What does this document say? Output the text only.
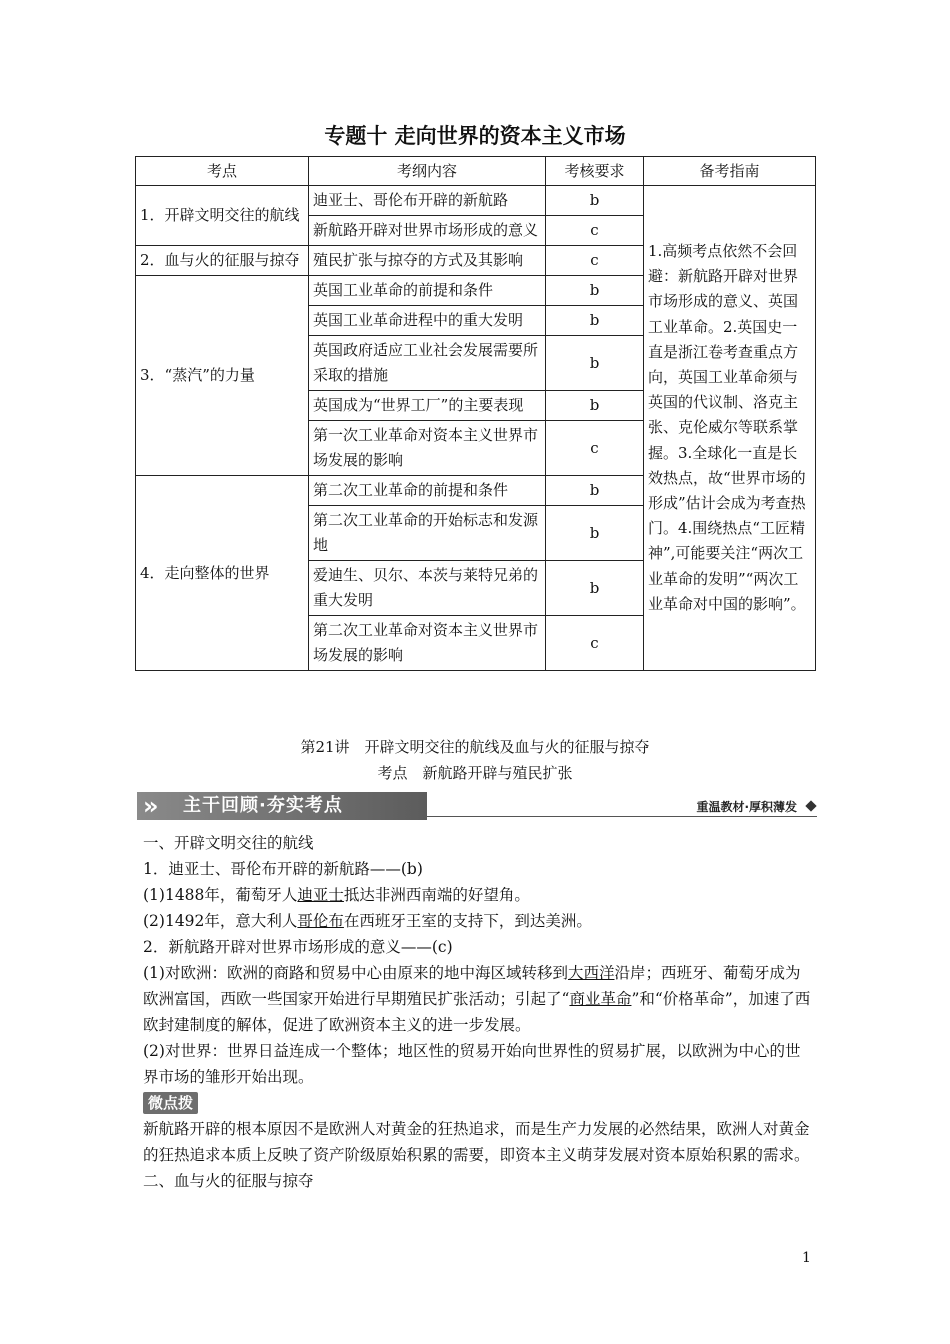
专题十 走向世界的资本主义市场
考点	考纲内容	考核要求	备考指南
1．开辟文明交往的航线	迪亚士、哥伦布开辟的新航路	b	1.高频考点依然不会回避：新航路开辟对世界市场形成的意义、英国工业革命。2.英国史一直是浙江卷考查重点方向，英国工业革命须与英国的代议制、洛克主张、克伦威尔等联系掌握。3.全球化一直是长效热点，故“世界市场的形成”估计会成为考查热门。4.围绕热点“工匠精神”,可能要关注“两次工业革命的发明”“两次工业革命对中国的影响”。
	新航路开辟对世界市场形成的意义	c	
2．血与火的征服与掠夺	殖民扩张与掠夺的方式及其影响	c	
3．“蒸汽”的力量	英国工业革命的前提和条件	b	
	英国工业革命进程中的重大发明	b	
	英国政府适应工业社会发展需要所采取的措施	b	
	英国成为“世界工厂”的主要表现	b	
	第一次工业革命对资本主义世界市场发展的影响	c	
4．走向整体的世界	第二次工业革命的前提和条件	b	
	第二次工业革命的开始标志和发源地	b	
	爱迪生、贝尔、本茨与莱特兄弟的重大发明	b	
	第二次工业革命对资本主义世界市场发展的影响	c	
第21讲　开辟文明交往的航线及血与火的征服与掠夺
考点　新航路开辟与殖民扩张
»	主干回顾·夯实考点	重温教材·厚积薄发

一、开辟文明交往的航线

1．迪亚士、哥伦布开辟的新航路——(b)

(1)1488年，葡萄牙人迪亚士抵达非洲西南端的好望角。

(2)1492年，意大利人哥伦布在西班牙王室的支持下，到达美洲。

2．新航路开辟对世界市场形成的意义——(c)

(1)对欧洲：欧洲的商路和贸易中心由原来的地中海区域转移到大西洋沿岸；西班牙、葡萄牙成为欧洲富国，西欧一些国家开始进行早期殖民扩张活动；引起了“商业革命”和“价格革命”，加速了西欧封建制度的解体，促进了欧洲资本主义的进一步发展。

(2)对世界：世界日益连成一个整体；地区性的贸易开始向世界性的贸易扩展，以欧洲为中心的世界市场的雏形开始出现。

微点拨

新航路开辟的根本原因不是欧洲人对黄金的狂热追求，而是生产力发展的必然结果，欧洲人对黄金的狂热追求本质上反映了资产阶级原始积累的需要，即资本主义萌芽发展对资本原始积累的需求。

二、血与火的征服与掠夺

1
